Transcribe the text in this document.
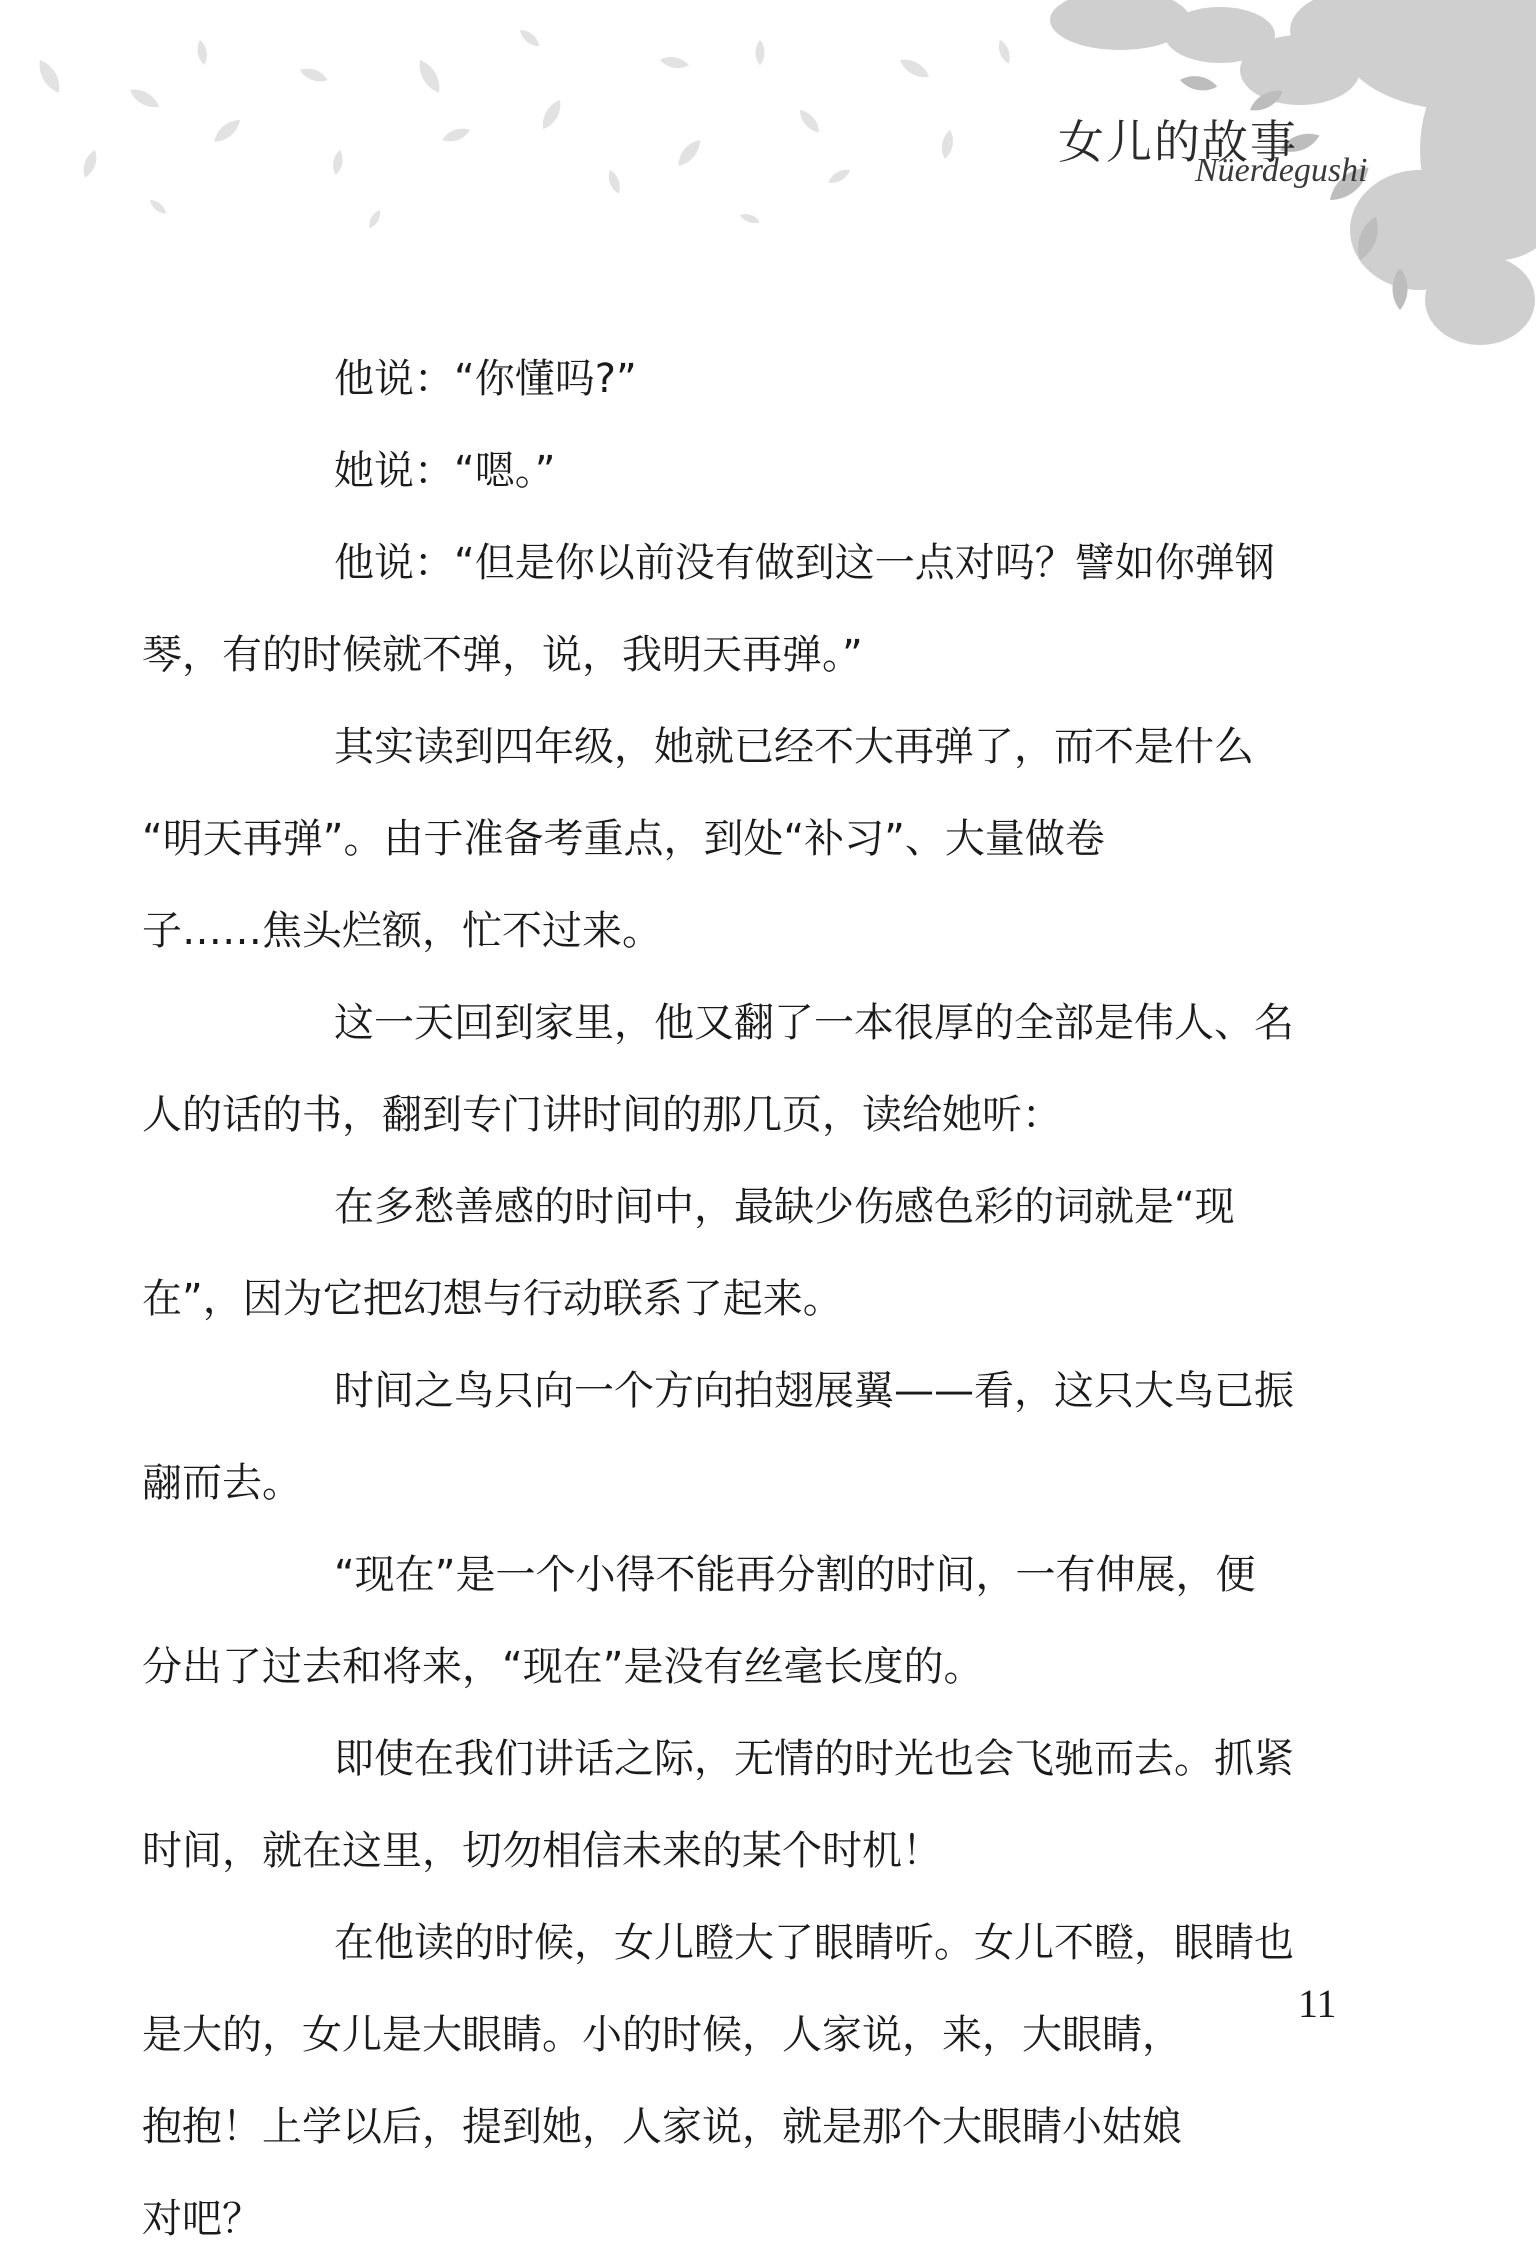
女儿的故事
Nüerdegushi
他说：“你懂吗?”
她说：“嗯。”
他说：“但是你以前没有做到这一点对吗？譬如你弹钢
琴，有的时候就不弹，说，我明天再弹。”
其实读到四年级，她就已经不大再弹了，而不是什么
“明天再弹”。由于准备考重点，到处“补习”、大量做卷
子……焦头烂额，忙不过来。
这一天回到家里，他又翻了一本很厚的全部是伟人、名
人的话的书，翻到专门讲时间的那几页，读给她听：
在多愁善感的时间中，最缺少伤感色彩的词就是“现
在”，因为它把幻想与行动联系了起来。
时间之鸟只向一个方向拍翅展翼——看，这只大鸟已振
翮而去。
“现在”是一个小得不能再分割的时间，一有伸展，便
分出了过去和将来，“现在”是没有丝毫长度的。
即使在我们讲话之际，无情的时光也会飞驰而去。抓紧
时间，就在这里，切勿相信未来的某个时机！
在他读的时候，女儿瞪大了眼睛听。女儿不瞪，眼睛也
是大的，女儿是大眼睛。小的时候，人家说，来，大眼睛，
抱抱！上学以后，提到她，人家说，就是那个大眼睛小姑娘
对吧？
11
